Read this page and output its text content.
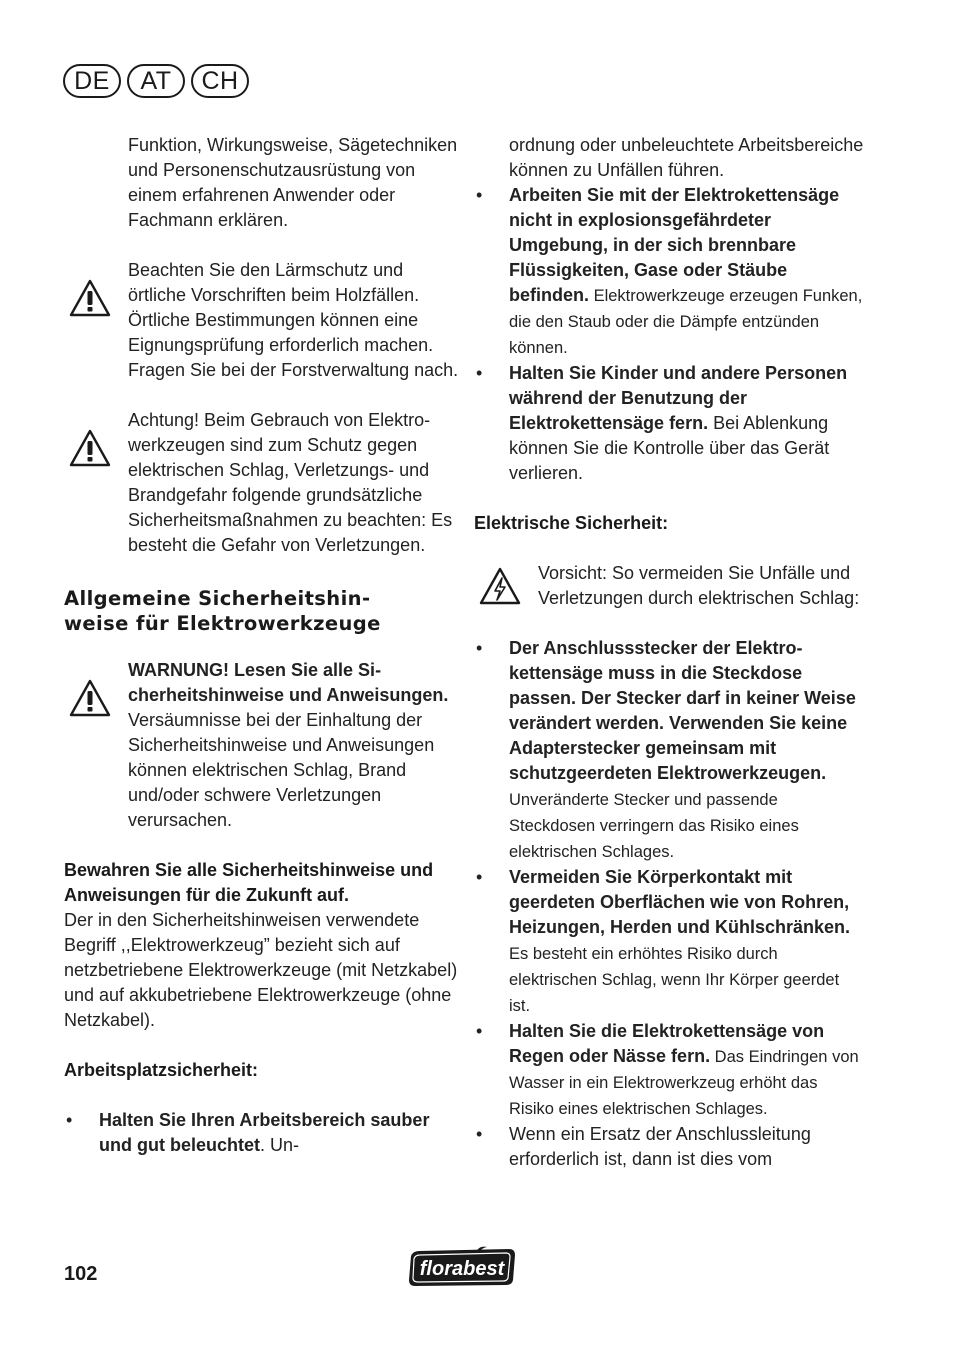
DE	AT	CH

Funktion, Wirkungsweise, Sägetechniken und Personenschutzausrüstung von einem erfahrenen Anwender oder Fachmann erklären.

Beachten Sie den Lärmschutz und örtliche Vorschriften beim Holzfällen. Örtliche Bestimmungen können eine Eignungsprüfung erforderlich machen. Fragen Sie bei der Forstverwaltung nach.

Achtung! Beim Gebrauch von Elektrowerkzeugen sind zum Schutz gegen elektrischen Schlag, Verletzungs- und Brandgefahr folgende grundsätzliche Sicherheitsmaßnahmen zu beachten: Es besteht die Gefahr von Verletzungen.

Allgemeine Sicherheitshin-

weise für Elektrowerkzeuge

WARNUNG! Lesen Sie alle Sicherheitshinweise und Anweisungen. Versäumnisse bei der Einhaltung der Sicherheitshinweise und Anweisungen können elektrischen Schlag, Brand und/oder schwere Verletzungen verursachen.

Bewahren Sie alle Sicherheitshinweise und Anweisungen für die Zukunft auf.

Der in den Sicherheitshinweisen verwendete Begriff ,,Elektrowerkzeug” bezieht sich auf netzbetriebene Elektrowerkzeuge (mit Netzkabel) und auf akkubetriebene Elektrowerkzeuge (ohne Netzkabel).

Arbeitsplatzsicherheit:

• Halten Sie Ihren Arbeitsbereich sauber und gut beleuchtet. Un-

ordnung oder unbeleuchtete Arbeitsbereiche können zu Unfällen führen.

• Arbeiten Sie mit der Elektrokettensäge nicht in explosionsgefährdeter Umgebung, in der sich brennbare Flüssigkeiten, Gase oder Stäube befinden. Elektrowerkzeuge erzeugen Funken, die den Staub oder die Dämpfe entzünden können.
• Halten Sie Kinder und andere Personen während der Benutzung der Elektrokettensäge fern. Bei Ablenkung können Sie die Kontrolle über das Gerät verlieren.

Elektrische Sicherheit:

Vorsicht: So vermeiden Sie Unfälle und Verletzungen durch elektrischen Schlag:

• Der Anschlussstecker der Elektrokettensäge muss in die Steckdose passen. Der Stecker darf in keiner Weise verändert werden. Verwenden Sie keine Adapterstecker gemeinsam mit schutzgeerdeten Elektrowerkzeugen. Unveränderte Stecker und passende Steckdosen verringern das Risiko eines elektrischen Schlages.
• Vermeiden Sie Körperkontakt mit geerdeten Oberflächen wie von Rohren, Heizungen, Herden und Kühlschränken. Es besteht ein erhöhtes Risiko durch elektrischen Schlag, wenn Ihr Körper geerdet ist.
• Halten Sie die Elektrokettensäge von Regen oder Nässe fern. Das Eindringen von Wasser in ein Elektrowerkzeug erhöht das Risiko eines elektrischen Schlages.
• Wenn ein Ersatz der Anschlussleitung erforderlich ist, dann ist dies vom
102	florabest
